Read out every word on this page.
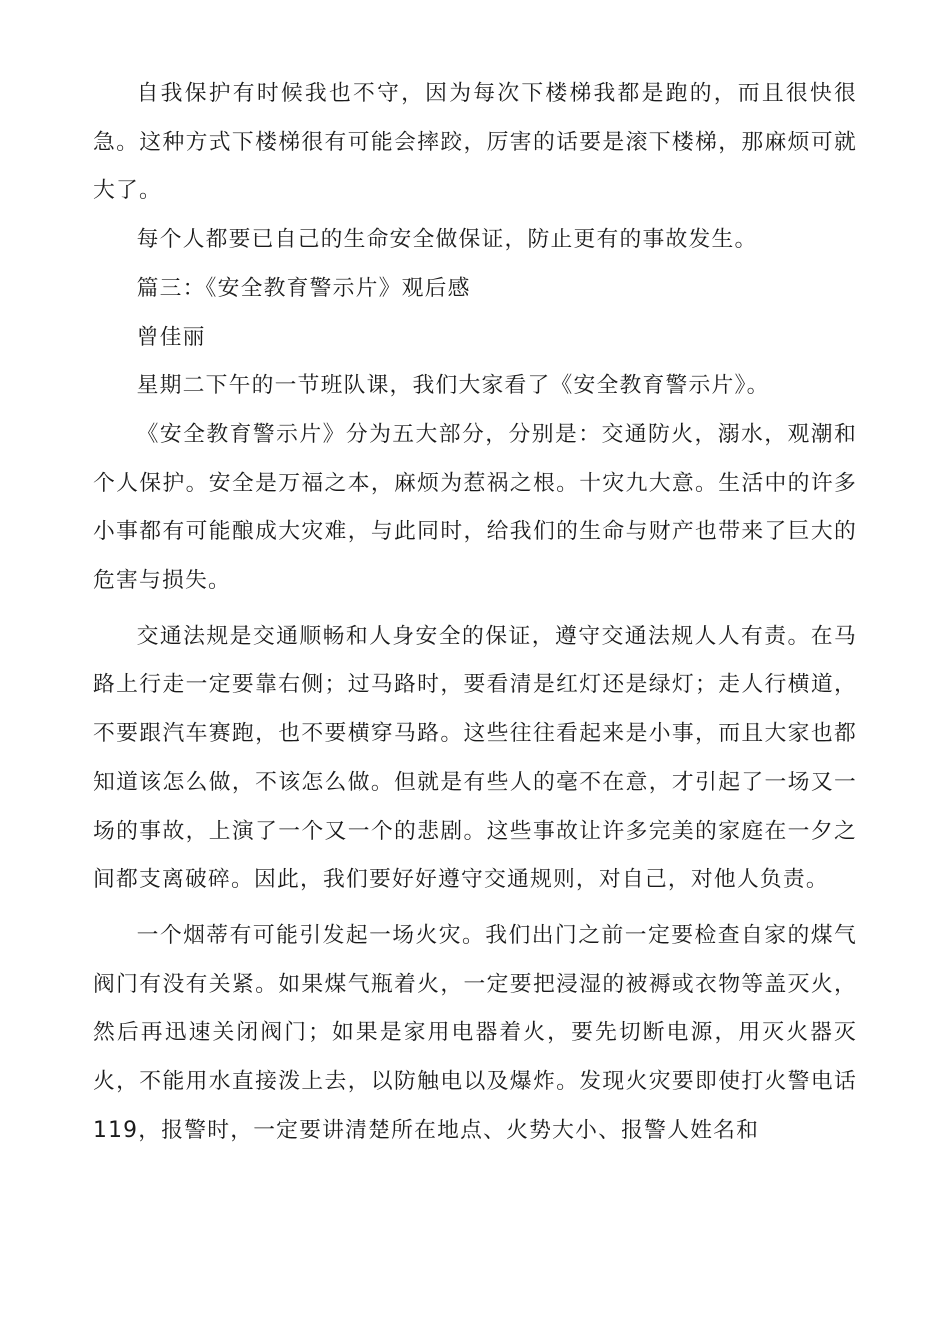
自我保护有时候我也不守，因为每次下楼梯我都是跑的，而且很快很急。这种方式下楼梯很有可能会摔跤，厉害的话要是滚下楼梯，那麻烦可就大了。

每个人都要已自己的生命安全做保证，防止更有的事故发生。

篇三：《安全教育警示片》观后感

曾佳丽

星期二下午的一节班队课，我们大家看了《安全教育警示片》。

《安全教育警示片》分为五大部分，分别是：交通防火，溺水，观潮和个人保护。安全是万福之本，麻烦为惹祸之根。十灾九大意。生活中的许多小事都有可能酿成大灾难，与此同时，给我们的生命与财产也带来了巨大的危害与损失。

交通法规是交通顺畅和人身安全的保证，遵守交通法规人人有责。在马路上行走一定要靠右侧；过马路时，要看清是红灯还是绿灯；走人行横道，不要跟汽车赛跑，也不要横穿马路。这些往往看起来是小事，而且大家也都知道该怎么做，不该怎么做。但就是有些人的毫不在意，才引起了一场又一场的事故，上演了一个又一个的悲剧。这些事故让许多完美的家庭在一夕之间都支离破碎。因此，我们要好好遵守交通规则，对自己，对他人负责。

一个烟蒂有可能引发起一场火灾。我们出门之前一定要检查自家的煤气阀门有没有关紧。如果煤气瓶着火，一定要把浸湿的被褥或衣物等盖灭火，然后再迅速关闭阀门；如果是家用电器着火，要先切断电源，用灭火器灭火，不能用水直接泼上去，以防触电以及爆炸。发现火灾要即使打火警电话 119，报警时，一定要讲清楚所在地点、火势大小、报警人姓名和
